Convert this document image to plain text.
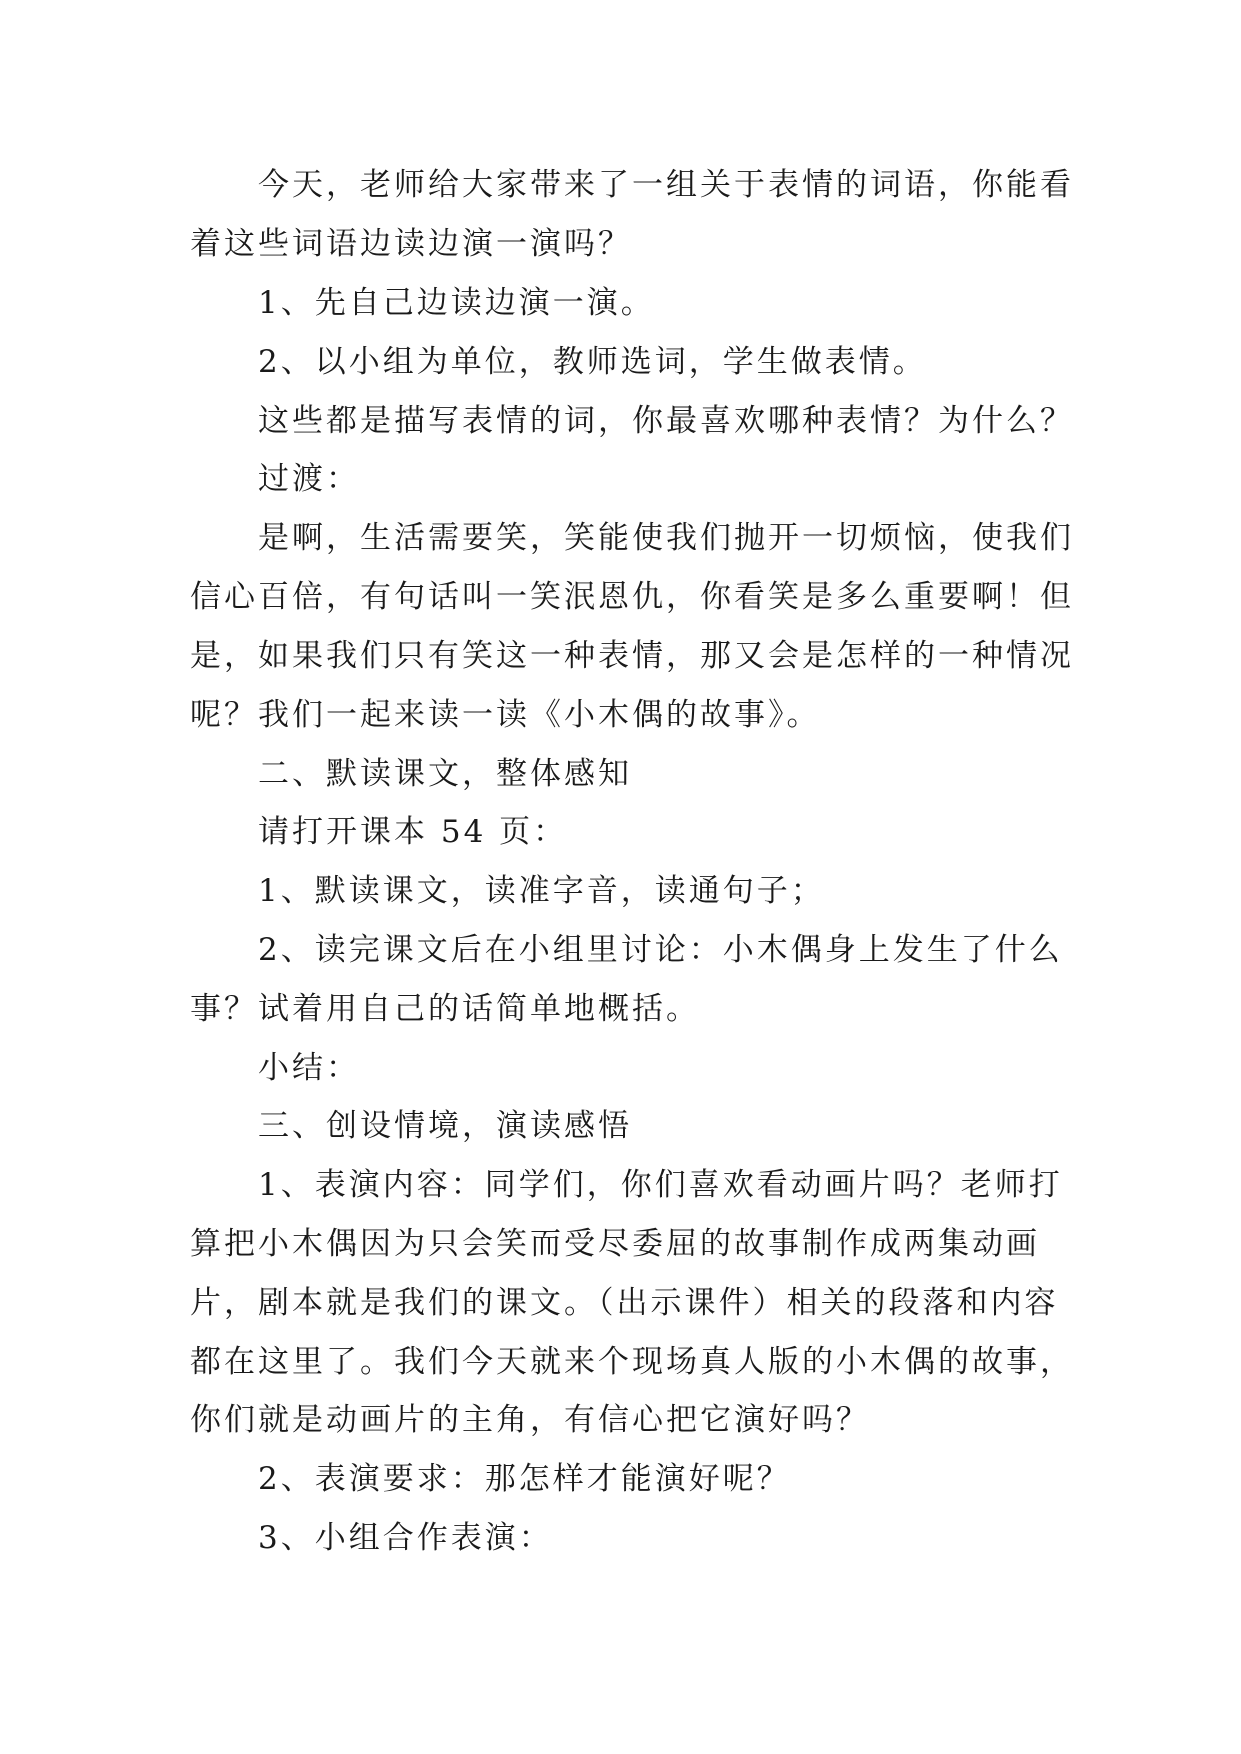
今天，老师给大家带来了一组关于表情的词语，你能看
着这些词语边读边演一演吗？
1、先自己边读边演一演。
2、以小组为单位，教师选词，学生做表情。
这些都是描写表情的词，你最喜欢哪种表情？为什么？
过渡：
是啊，生活需要笑，笑能使我们抛开一切烦恼，使我们
信心百倍，有句话叫一笑泯恩仇，你看笑是多么重要啊！但
是，如果我们只有笑这一种表情，那又会是怎样的一种情况
呢？我们一起来读一读《小木偶的故事》。
二、默读课文，整体感知
请打开课本 54 页：
1、默读课文，读准字音，读通句子；
2、读完课文后在小组里讨论：小木偶身上发生了什么
事？试着用自己的话简单地概括。
小结：
三、创设情境，演读感悟
1、表演内容：同学们，你们喜欢看动画片吗？老师打
算把小木偶因为只会笑而受尽委屈的故事制作成两集动画
片，剧本就是我们的课文。（出示课件）相关的段落和内容
都在这里了。我们今天就来个现场真人版的小木偶的故事，
你们就是动画片的主角，有信心把它演好吗？
2、表演要求：那怎样才能演好呢？
3、小组合作表演：
